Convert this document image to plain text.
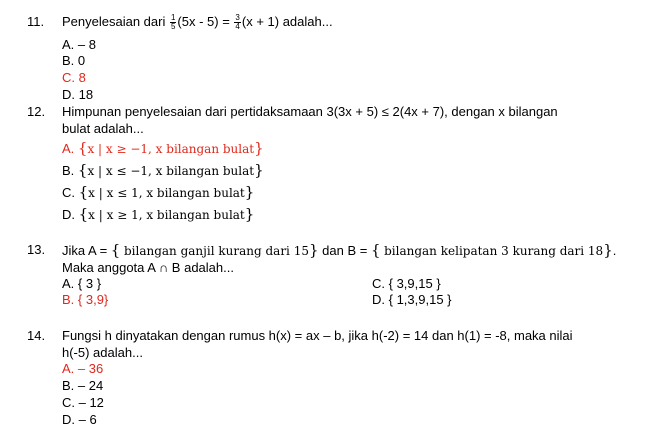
11. Penyelesaian dari $\frac{1}{5} (5x - 5) = \frac{3}{4} (x + 1)$ adalah...
A. – 8
B. 0
C. 8
D. 18
12. Himpunan penyelesaian dari pertidaksamaan 3(3x + 5) ≤ 2(4x + 7), dengan x bilangan
bulat adalah...
A. {x | x ≥ −1, x bilangan bulat}
B. {x | x ≤ −1, x bilangan bulat}
C. {x | x ≤ 1, x bilangan bulat}
D. {x | x ≥ 1, x bilangan bulat}
13. Jika A = { bilangan ganjil kurang dari 15} dan B = { bilangan kelipatan 3 kurang dari 18}.
Maka anggota A ∩ B adalah...
A. { 3 }	C. { 3,9,15 }
B. { 3,9}	D. { 1,3,9,15 }
14. Fungsi h dinyatakan dengan rumus h(x) = ax – b, jika h(-2) = 14 dan h(1) = -8, maka nilai
h(-5) adalah...
A. – 36
B. – 24
C. – 12
D. – 6
